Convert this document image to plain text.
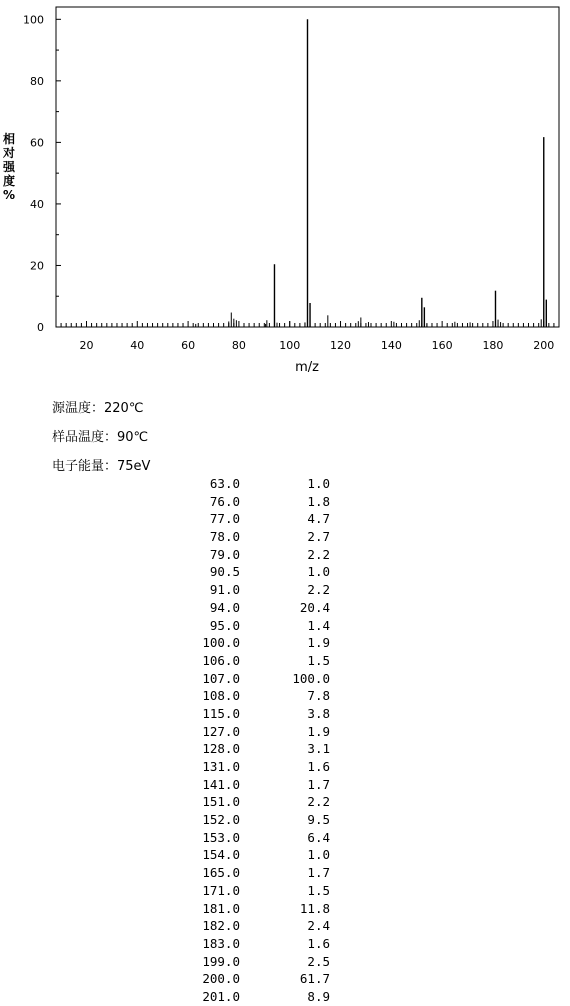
20	40	60	80	100	120	140	160	180	200
0
20
40
60
80
100
m/z
相
对
强
度
%
源温度：220℃
样品温度：90℃
电子能量：75eV
63.0	1.0
76.0	1.8
77.0	4.7
78.0	2.7
79.0	2.2
90.5	1.0
91.0	2.2
94.0	20.4
95.0	1.4
100.0	1.9
106.0	1.5
107.0	100.0
108.0	7.8
115.0	3.8
127.0	1.9
128.0	3.1
131.0	1.6
141.0	1.7
151.0	2.2
152.0	9.5
153.0	6.4
154.0	1.0
165.0	1.7
171.0	1.5
181.0	11.8
182.0	2.4
183.0	1.6
199.0	2.5
200.0	61.7
201.0	8.9
